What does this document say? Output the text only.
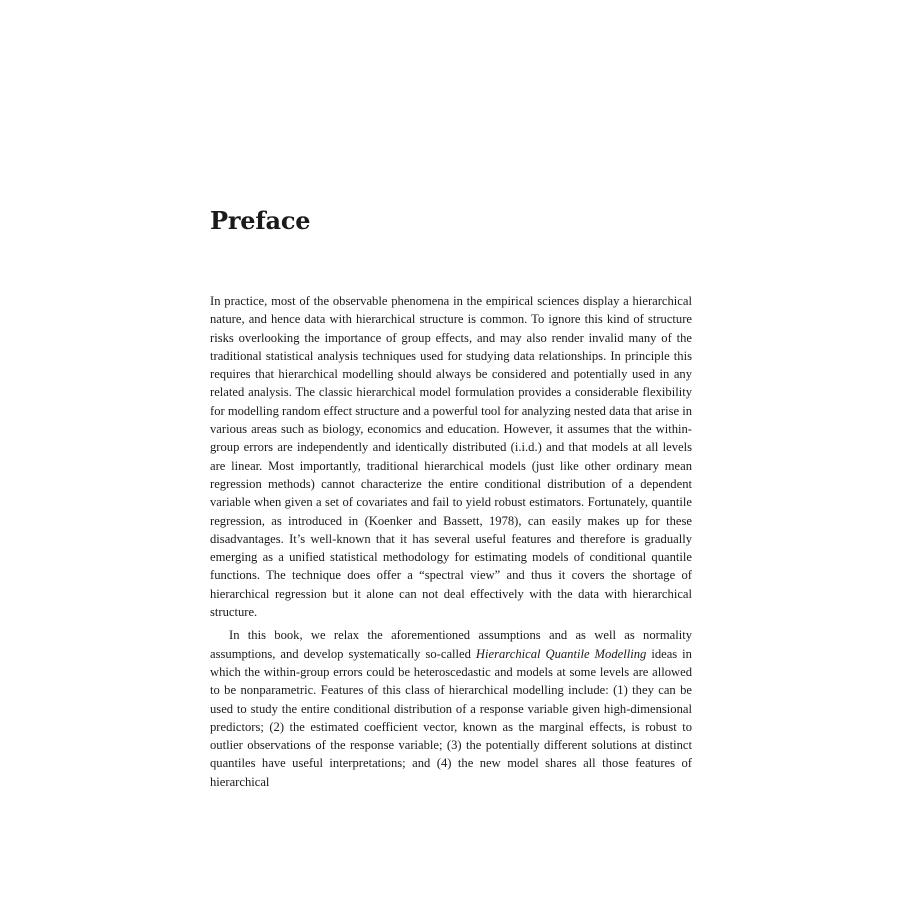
Preface

In practice, most of the observable phenomena in the empirical sciences display a hierarchical nature, and hence data with hierarchical structure is common. To ignore this kind of structure risks overlooking the importance of group effects, and may also render invalid many of the traditional statistical analysis techniques used for studying data relationships. In principle this requires that hierarchical modelling should always be considered and potentially used in any related analysis. The classic hierarchical model formulation provides a considerable flexibility for modelling random effect structure and a powerful tool for analyzing nested data that arise in various areas such as biology, economics and education. However, it assumes that the within-group errors are independently and identically distributed (i.i.d.) and that models at all levels are linear. Most importantly, traditional hierarchical models (just like other ordinary mean regression methods) cannot characterize the entire conditional distribution of a dependent variable when given a set of covariates and fail to yield robust estimators. Fortunately, quantile regression, as introduced in (Koenker and Bassett, 1978), can easily makes up for these disadvantages. It’s well-known that it has several useful features and therefore is gradually emerging as a unified statistical methodology for estimating models of conditional quantile functions. The technique does offer a “spectral view” and thus it covers the shortage of hierarchical regression but it alone can not deal effectively with the data with hierarchical structure.

In this book, we relax the aforementioned assumptions and as well as normality assumptions, and develop systematically so-called Hierarchical Quantile Modelling ideas in which the within-group errors could be heteroscedastic and models at some levels are allowed to be nonparametric. Features of this class of hierarchical modelling include: (1) they can be used to study the entire conditional distribution of a response variable given high-dimensional predictors; (2) the estimated coefficient vector, known as the marginal effects, is robust to outlier observations of the response variable; (3) the potentially different solutions at distinct quantiles have useful interpretations; and (4) the new model shares all those features of hierarchical
